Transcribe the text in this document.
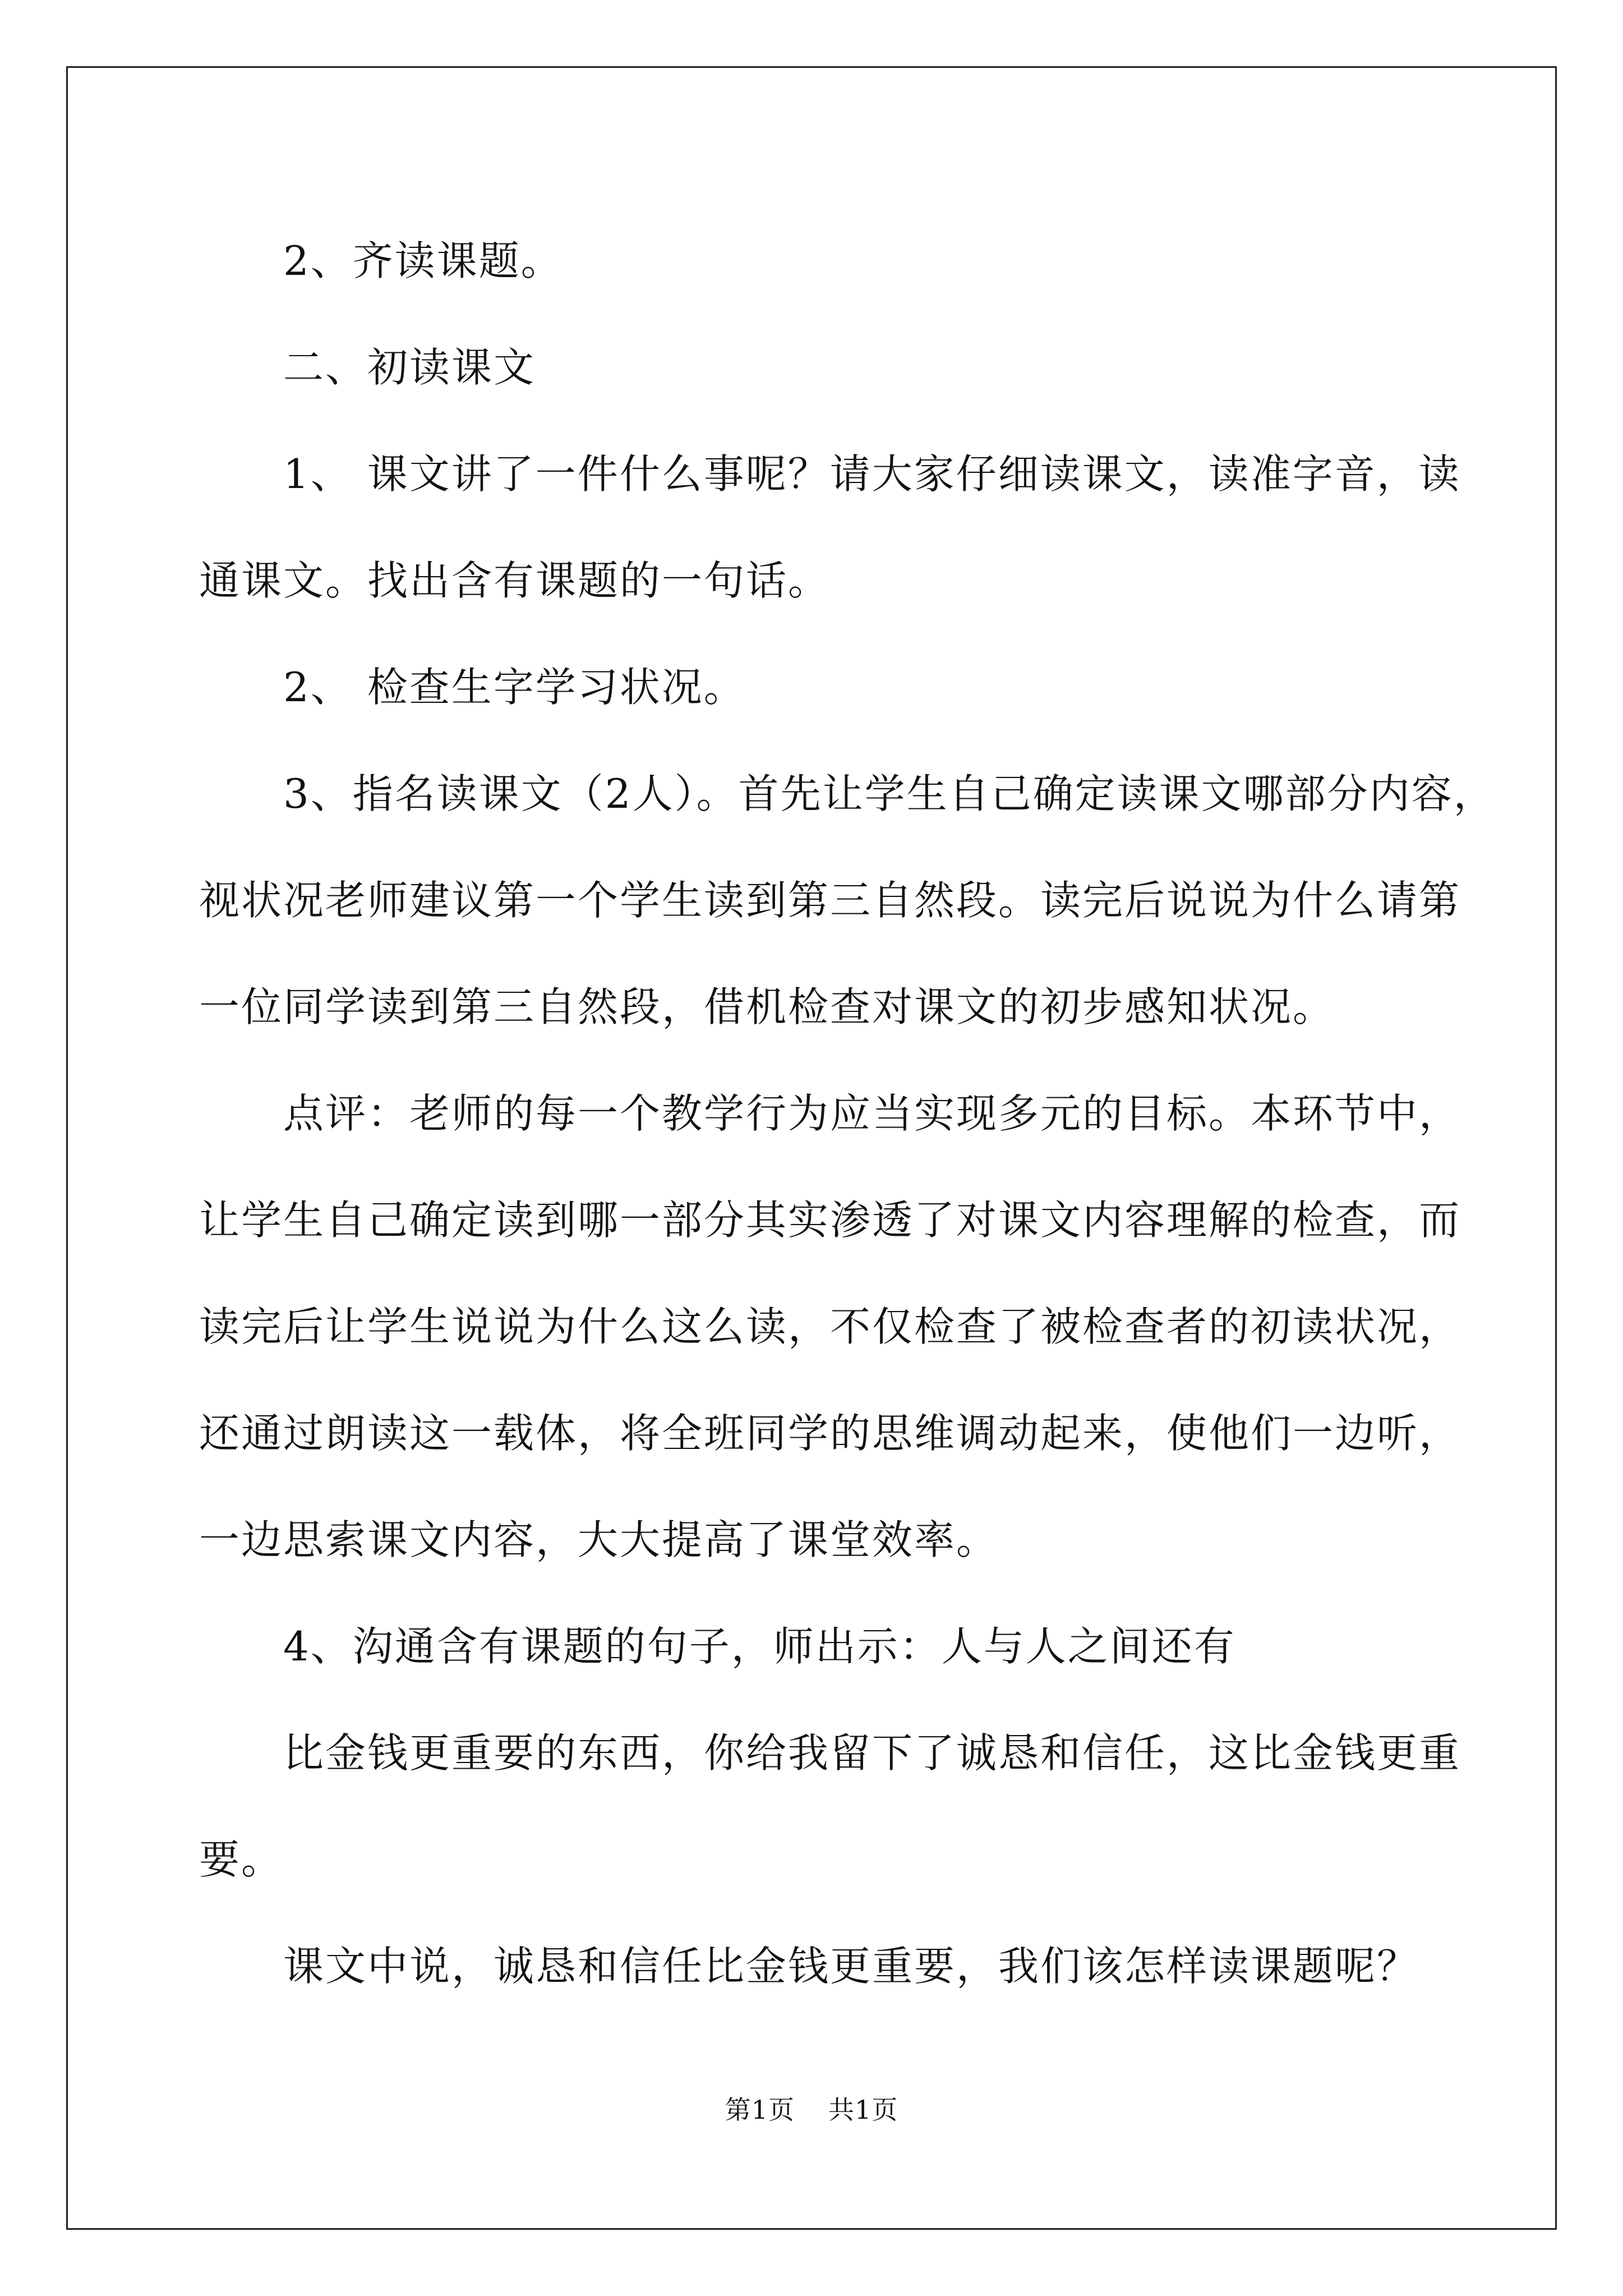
2、齐读课题。
二、初读课文
1、 课文讲了一件什么事呢？请大家仔细读课文，读准字音，读
通课文。找出含有课题的一句话。
2、 检查生字学习状况。
3、指名读课文（2人）。首先让学生自己确定读课文哪部分内容，
视状况老师建议第一个学生读到第三自然段。读完后说说为什么请第
一位同学读到第三自然段，借机检查对课文的初步感知状况。
点评：老师的每一个教学行为应当实现多元的目标。本环节中，
让学生自己确定读到哪一部分其实渗透了对课文内容理解的检查，而
读完后让学生说说为什么这么读，不仅检查了被检查者的初读状况，
还通过朗读这一载体，将全班同学的思维调动起来，使他们一边听，
一边思索课文内容，大大提高了课堂效率。
4、沟通含有课题的句子，师出示：人与人之间还有
比金钱更重要的东西，你给我留下了诚恳和信任，这比金钱更重
要。
课文中说，诚恳和信任比金钱更重要，我们该怎样读课题呢？
第1页 共1页
